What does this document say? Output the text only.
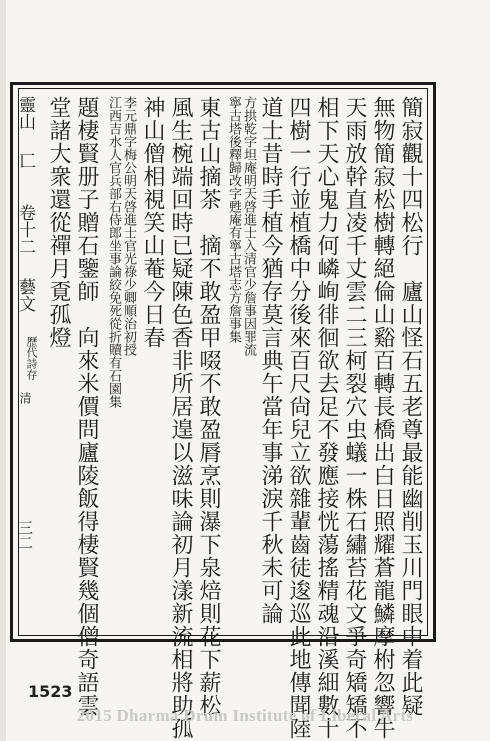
靈山
匸
卷十二
藝文
歷代詩存
清
三二	簡寂觀十四松行　廬山怪石五老尊最能幽削玉川門眼中着此疑
無物簡寂松樹轉絕倫山谿百轉長橋出白日照耀蒼龍鱗摩柎忽響牛
天雨放幹直凌千丈雲二三柯裂穴虫蟻一株石繡苔花文爭奇矯矯不
相下天心鬼力何嶙峋徘徊欲去足不發應接恍蕩搖精魂沿溪細數十
四樹一行並植橋中分後來百尺尙兒立欲雜輩齒徒逡巡此地傳聞陸
道士昔時手植今猶存莫言典午當年事涕淚千秋未可論
方拱乾字坦庵明天啓進士入清官少詹事因罪流
寧古塔後釋歸改字甦庵有寧古塔志方詹事集
東古山摘茶　摘不敢盈甲啜不敢盈脣烹則瀑下泉焙則花下薪松
風生椀端回時已疑陳色香非所居遑以滋味論初月漾新流相將助孤
神山僧相視笑山菴今日春
李元鼎字梅公明天啓進士官光祿少卿順治初授
江西吉水人官兵部右侍郎坐事論絞免死從折贖有石園集
題棲賢册子贈石鑒師　向來米價問廬陵飯得棲賢幾個僧奇語雲
堂諸大衆還從禪月覔孤燈
1523
2015 Dharma Drum Institute of Liberal Arts
